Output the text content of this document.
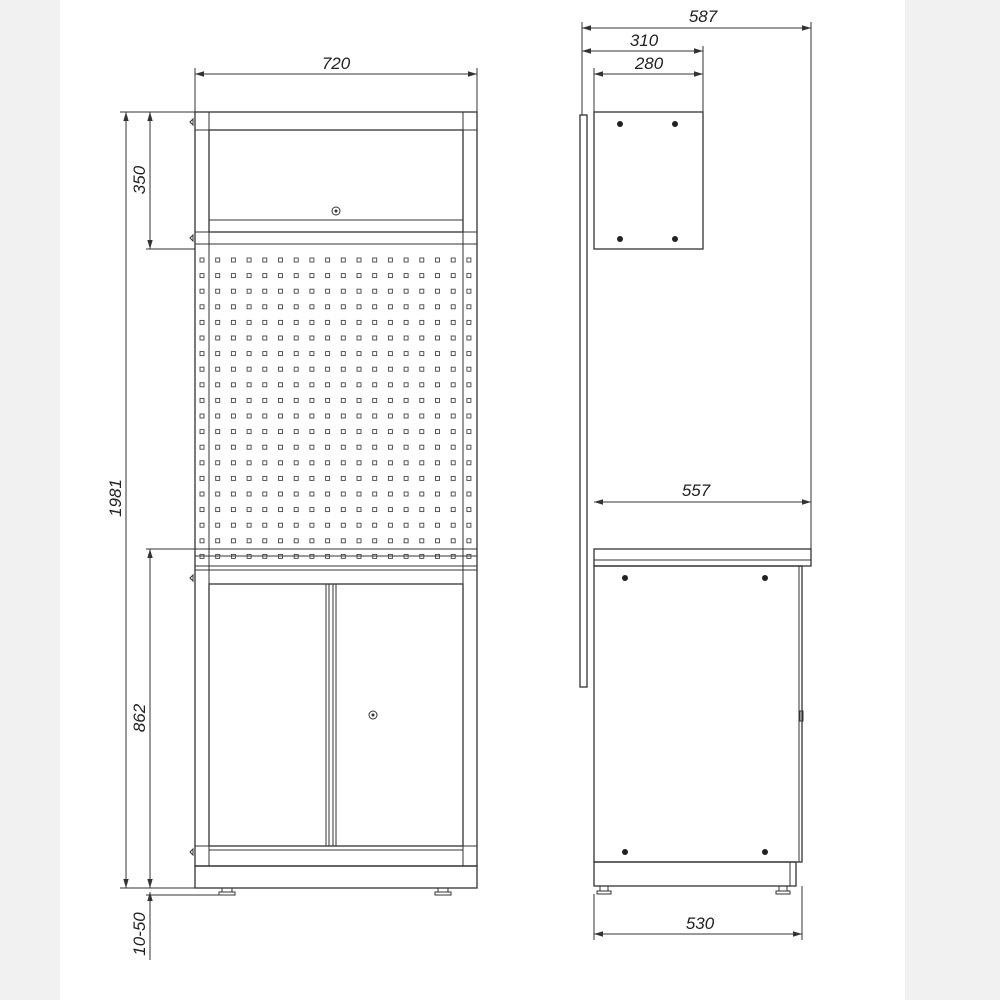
720
1981
350
862
10-50
587
310
280
557
530
